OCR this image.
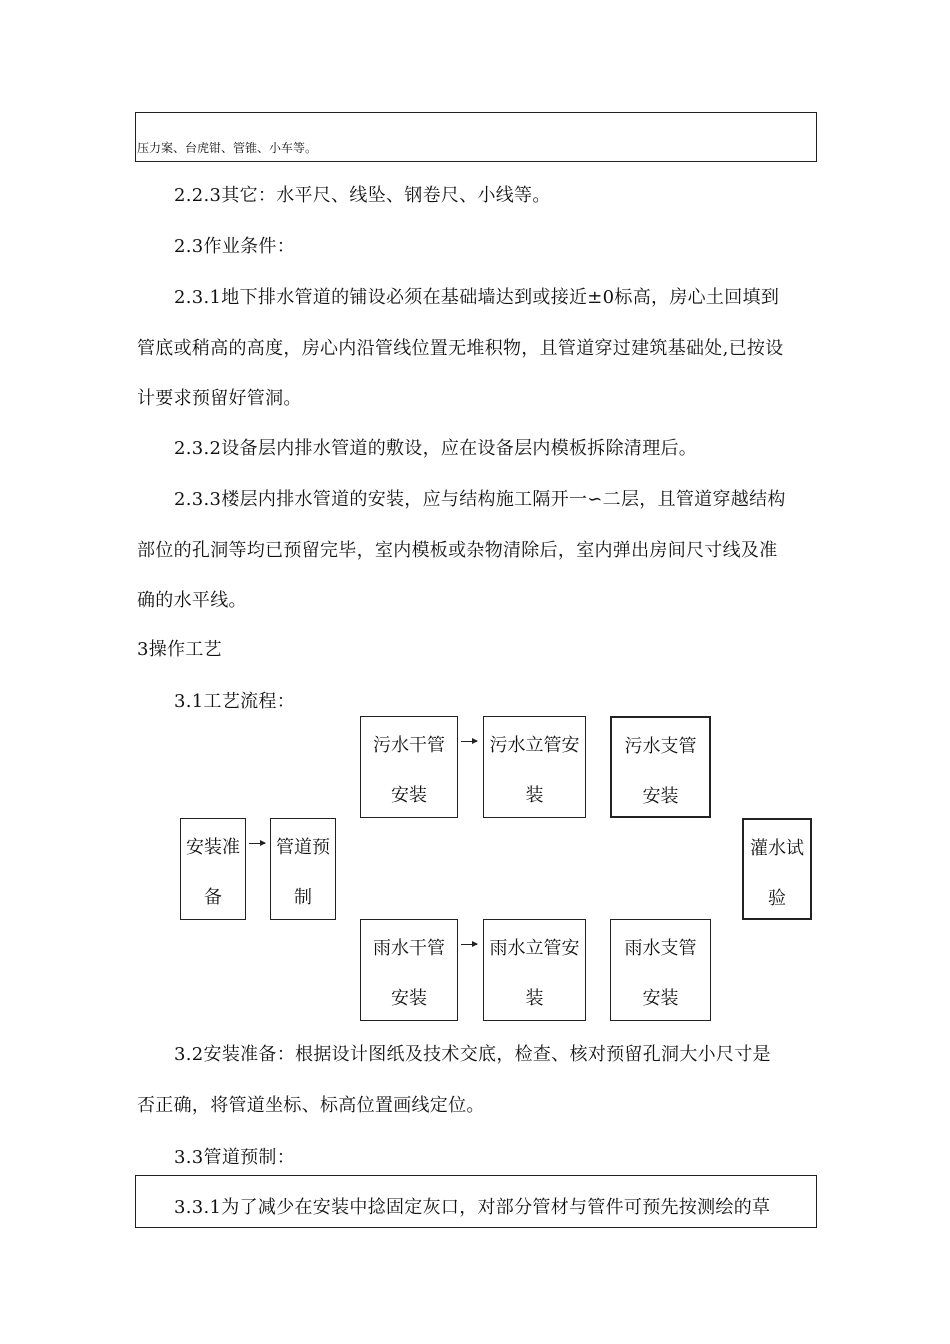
压力案、台虎钳、管锥、小车等。
2.2.3其它：水平尺、线坠、钢卷尺、小线等。
2.3作业条件：
2.3.1地下排水管道的铺设必须在基础墙达到或接近±0标高，房心土回填到
管底或稍高的高度，房心内沿管线位置无堆积物，且管道穿过建筑基础处,已按设
计要求预留好管洞。
2.3.2设备层内排水管道的敷设，应在设备层内模板拆除清理后。
2.3.3楼层内排水管道的安装，应与结构施工隔开一∽二层，且管道穿越结构
部位的孔洞等均已预留完毕，室内模板或杂物清除后，室内弹出房间尺寸线及准
确的水平线。
3操作工艺
3.1工艺流程：
安装准
备
管道预
制
污水干管
安装
污水立管安
装
污水支管
安装
灌水试
验
雨水干管
安装
雨水立管安
装
雨水支管
安装
3.2安装准备：根据设计图纸及技术交底，检查、核对预留孔洞大小尺寸是
否正确，将管道坐标、标高位置画线定位。
3.3管道预制：
3.3.1为了减少在安装中捻固定灰口，对部分管材与管件可预先按测绘的草
